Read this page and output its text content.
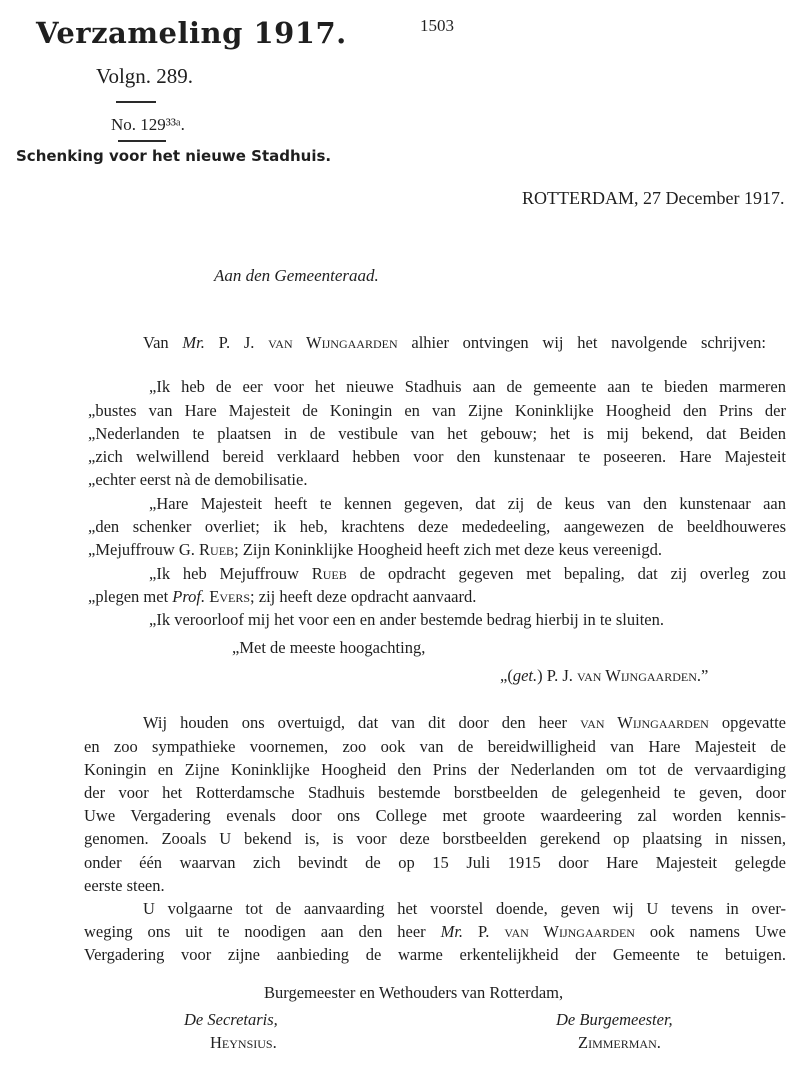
Verzameling 1917.	1503
Volgn. 289.
No. 129³³ᵃ.
Schenking voor het nieuwe Stadhuis.
ROTTERDAM, 27 December 1917.
Aan den Gemeenteraad.
Van Mr. P. J. van Wijngaarden alhier ontvingen wij het navolgende schrijven:
„Ik heb de eer voor het nieuwe Stadhuis aan de gemeente aan te bieden marmeren
„bustes van Hare Majesteit de Koningin en van Zijne Koninklijke Hoogheid den Prins der
„Nederlanden te plaatsen in de vestibule van het gebouw; het is mij bekend, dat Beiden
„zich welwillend bereid verklaard hebben voor den kunstenaar te poseeren. Hare Majesteit
„echter eerst nà de demobilisatie.
„Hare Majesteit heeft te kennen gegeven, dat zij de keus van den kunstenaar aan
„den schenker overliet; ik heb, krachtens deze mededeeling, aangewezen de beeldhouweres
„Mejuffrouw G. Rueb; Zijn Koninklijke Hoogheid heeft zich met deze keus vereenigd.
„Ik heb Mejuffrouw Rueb de opdracht gegeven met bepaling, dat zij overleg zou
„plegen met Prof. Evers; zij heeft deze opdracht aanvaard.
„Ik veroorloof mij het voor een en ander bestemde bedrag hierbij in te sluiten.
„Met de meeste hoogachting,
„(get.) P. J. van Wijngaarden.”
Wij houden ons overtuigd, dat van dit door den heer van Wijngaarden opgevatte
en zoo sympathieke voornemen, zoo ook van de bereidwilligheid van Hare Majesteit de
Koningin en Zijne Koninklijke Hoogheid den Prins der Nederlanden om tot de vervaardiging
der voor het Rotterdamsche Stadhuis bestemde borstbeelden de gelegenheid te geven, door
Uwe Vergadering evenals door ons College met groote waardeering zal worden kennis-
genomen. Zooals U bekend is, is voor deze borstbeelden gerekend op plaatsing in nissen,
onder één waarvan zich bevindt de op 15 Juli 1915 door Hare Majesteit gelegde
eerste steen.
U volgaarne tot de aanvaarding het voorstel doende, geven wij U tevens in over-
weging ons uit te noodigen aan den heer Mr. P. van Wijngaarden ook namens Uwe
Vergadering voor zijne aanbieding de warme erkentelijkheid der Gemeente te betuigen.
Burgemeester en Wethouders van Rotterdam,
De Secretaris,
Heynsius.
De Burgemeester,
Zimmerman.
